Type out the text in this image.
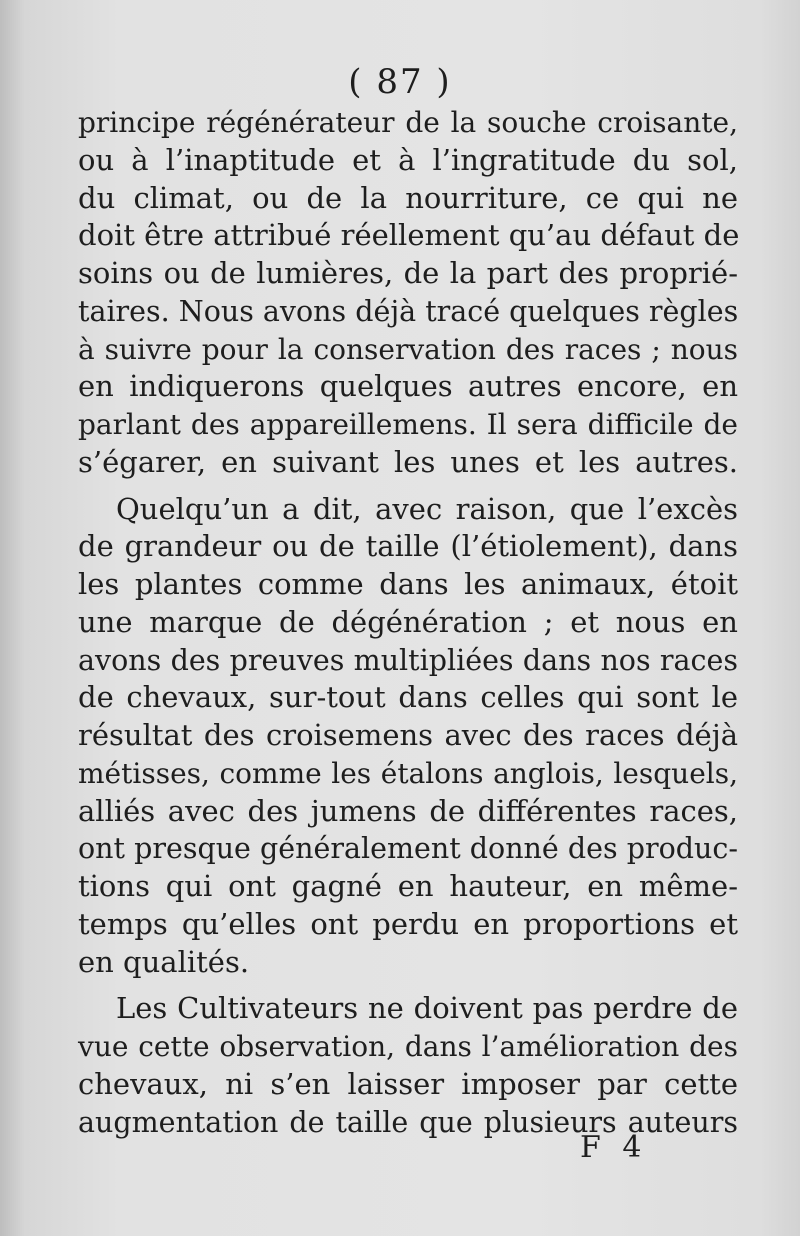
( 87 )
principe régénérateur de la souche croisante,
ou à l’inaptitude et à l’ingratitude du sol,
du climat, ou de la nourriture, ce qui ne
doit être attribué réellement qu’au défaut de
soins ou de lumières, de la part des proprié-
taires. Nous avons déjà tracé quelques règles
à suivre pour la conservation des races ; nous
en indiquerons quelques autres encore, en
parlant des appareillemens. Il sera difficile de
s’égarer, en suivant les unes et les autres.
Quelqu’un a dit, avec raison, que l’excès
de grandeur ou de taille (l’étiolement), dans
les plantes comme dans les animaux, étoit
une marque de dégénération ; et nous en
avons des preuves multipliées dans nos races
de chevaux, sur-tout dans celles qui sont le
résultat des croisemens avec des races déjà
métisses, comme les étalons anglois, lesquels,
alliés avec des jumens de différentes races,
ont presque généralement donné des produc-
tions qui ont gagné en hauteur, en même-
temps qu’elles ont perdu en proportions et
en qualités.
Les Cultivateurs ne doivent pas perdre de
vue cette observation, dans l’amélioration des
chevaux, ni s’en laisser imposer par cette
augmentation de taille que plusieurs auteurs
F 4
